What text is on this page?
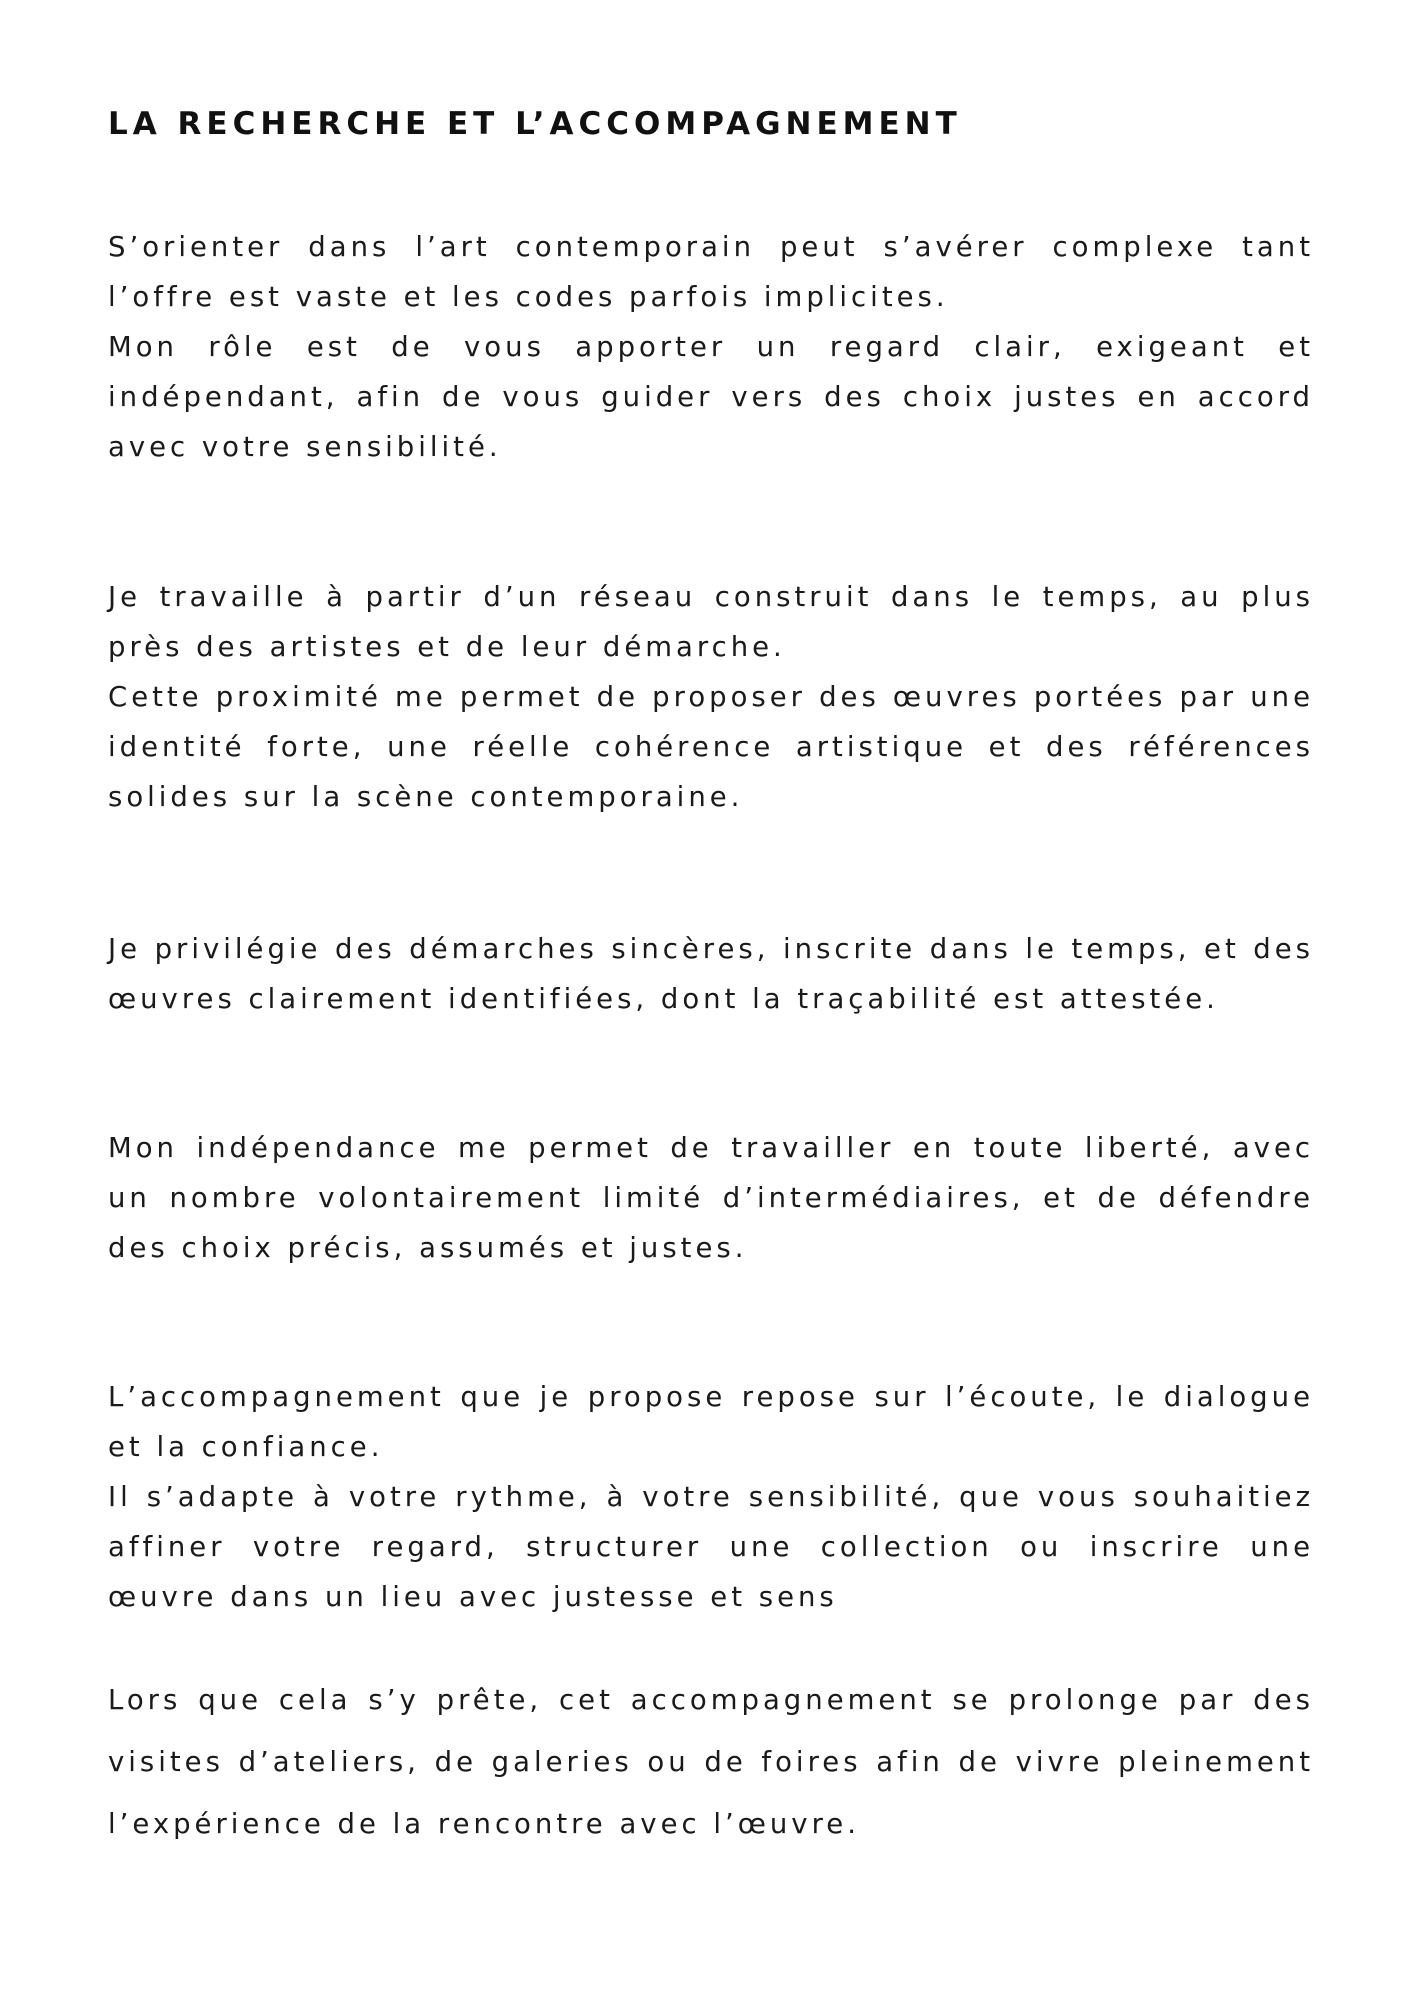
LA RECHERCHE ET L’ACCOMPAGNEMENT
S’orienter dans l’art contemporain peut s’avérer complexe tant l’offre est vaste et les codes parfois implicites.
Mon rôle est de vous apporter un regard clair, exigeant et indépendant, afin de vous guider vers des choix justes en accord avec votre sensibilité.
Je travaille à partir d’un réseau construit dans le temps, au plus près des artistes et de leur démarche.
Cette proximité me permet de proposer des œuvres portées par une identité forte, une réelle cohérence artistique et des références solides sur la scène contemporaine.
Je privilégie des démarches sincères, inscrite dans le temps, et des œuvres clairement identifiées, dont la traçabilité est attestée.
Mon indépendance me permet de travailler en toute liberté, avec un nombre volontairement limité d’intermédiaires, et de défendre des choix précis, assumés et justes.
L’accompagnement que je propose repose sur l’écoute, le dialogue et la confiance.
Il s’adapte à votre rythme, à votre sensibilité, que vous souhaitiez affiner votre regard, structurer une collection ou inscrire une œuvre dans un lieu avec justesse et sens
Lors que cela s’y prête, cet accompagnement se prolonge par des visites d’ateliers, de galeries ou de foires afin de vivre pleinement l’expérience de la rencontre avec l’œuvre.
